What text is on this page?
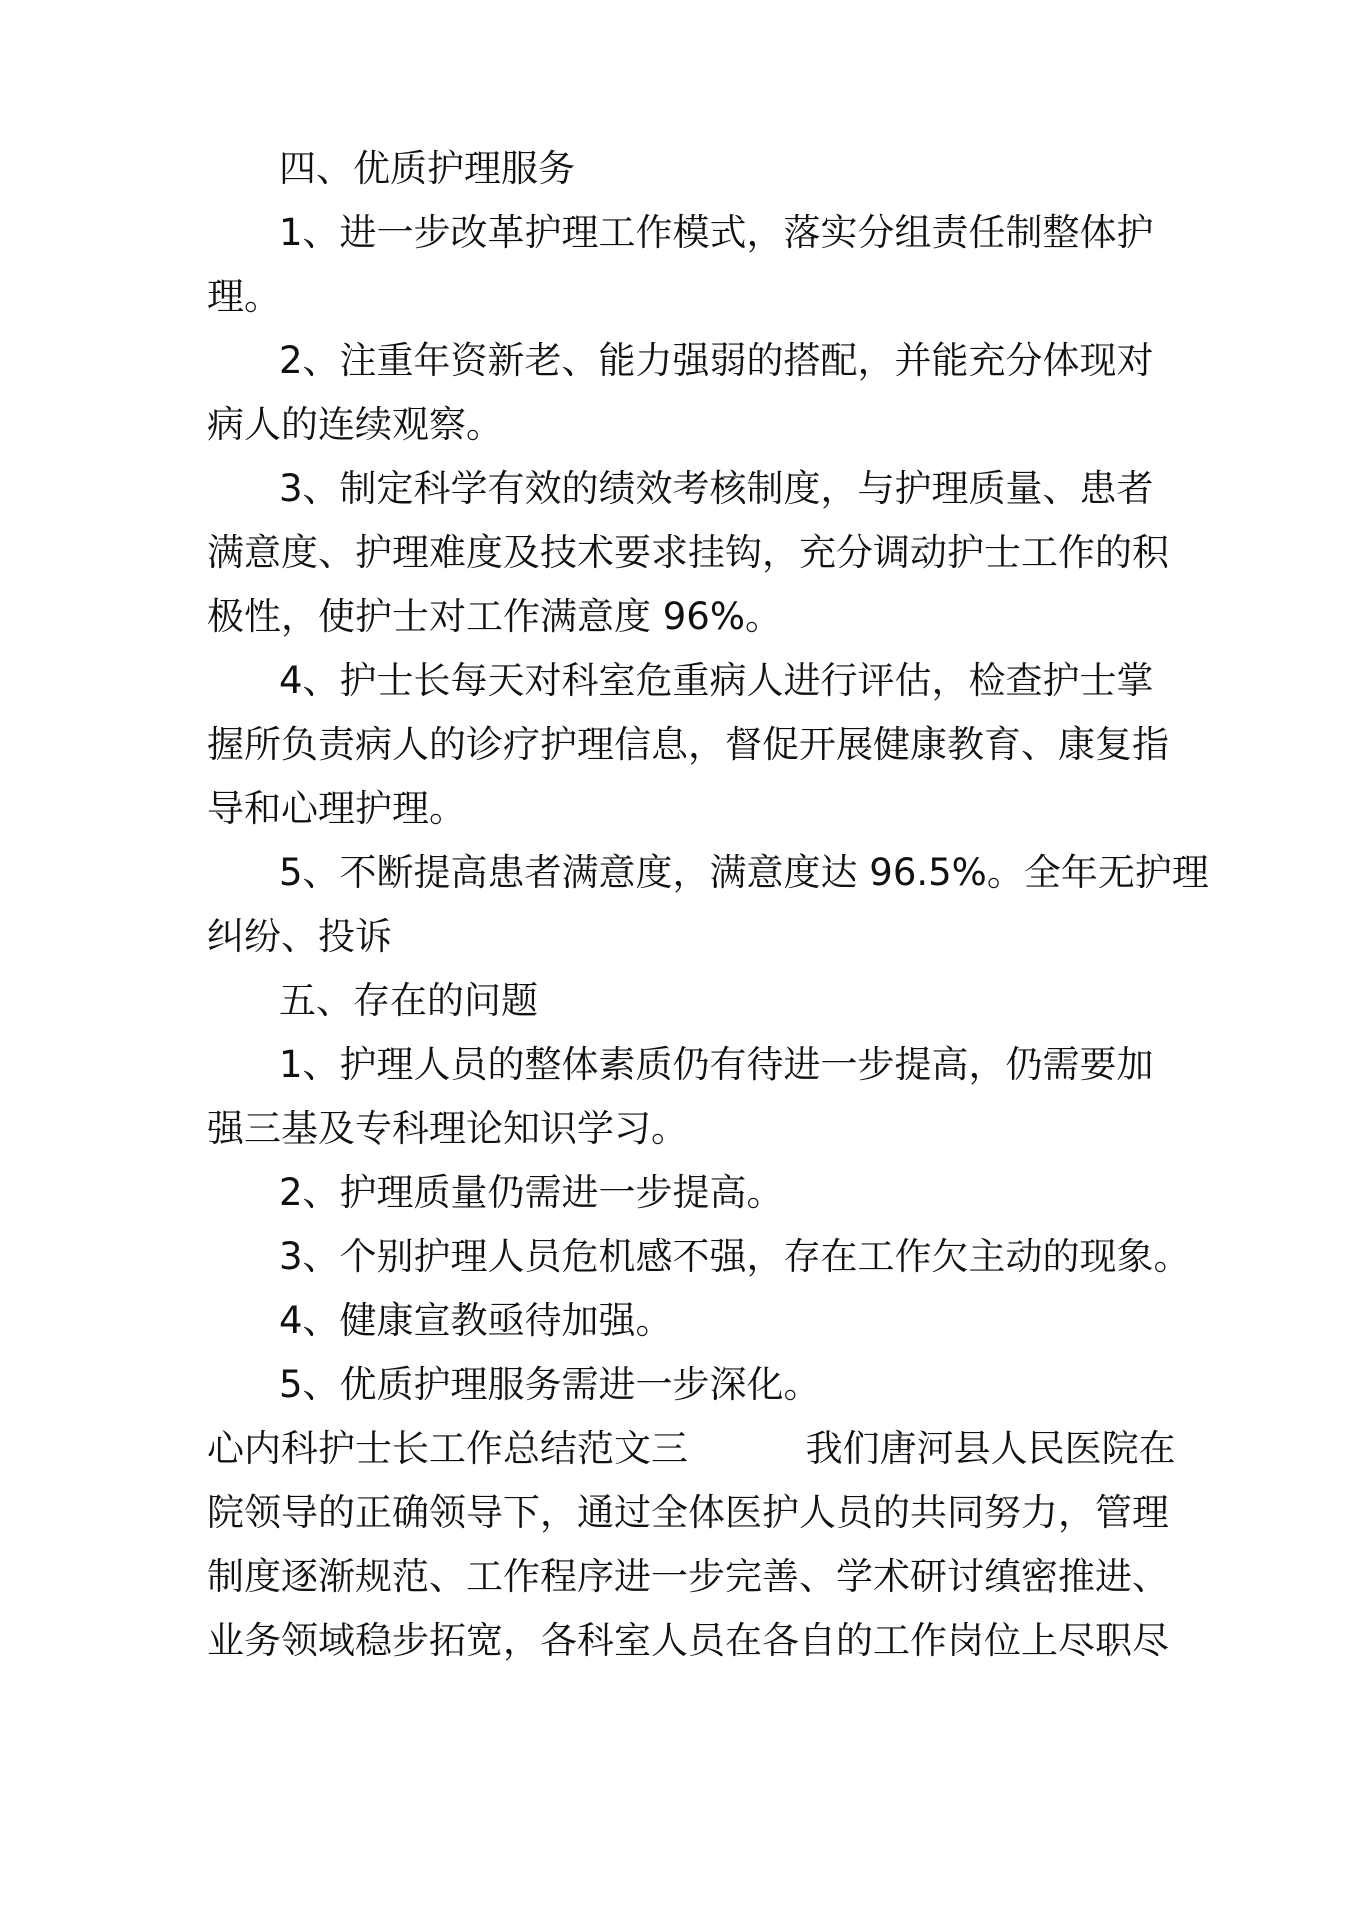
四、优质护理服务

1、进一步改革护理工作模式，落实分组责任制整体护

理。

2、注重年资新老、能力强弱的搭配，并能充分体现对

病人的连续观察。

3、制定科学有效的绩效考核制度，与护理质量、患者

满意度、护理难度及技术要求挂钩，充分调动护士工作的积

极性，使护士对工作满意度 96%。

4、护士长每天对科室危重病人进行评估，检查护士掌

握所负责病人的诊疗护理信息，督促开展健康教育、康复指

导和心理护理。

5、不断提高患者满意度，满意度达 96.5%。全年无护理

纠纷、投诉

五、存在的问题

1、护理人员的整体素质仍有待进一步提高，仍需要加

强三基及专科理论知识学习。

2、护理质量仍需进一步提高。

3、个别护理人员危机感不强，存在工作欠主动的现象。

4、健康宣教亟待加强。

5、优质护理服务需进一步深化。

心内科护士长工作总结范文三          我们唐河县人民医院在

院领导的正确领导下，通过全体医护人员的共同努力，管理

制度逐渐规范、工作程序进一步完善、学术研讨缜密推进、

业务领域稳步拓宽，各科室人员在各自的工作岗位上尽职尽
